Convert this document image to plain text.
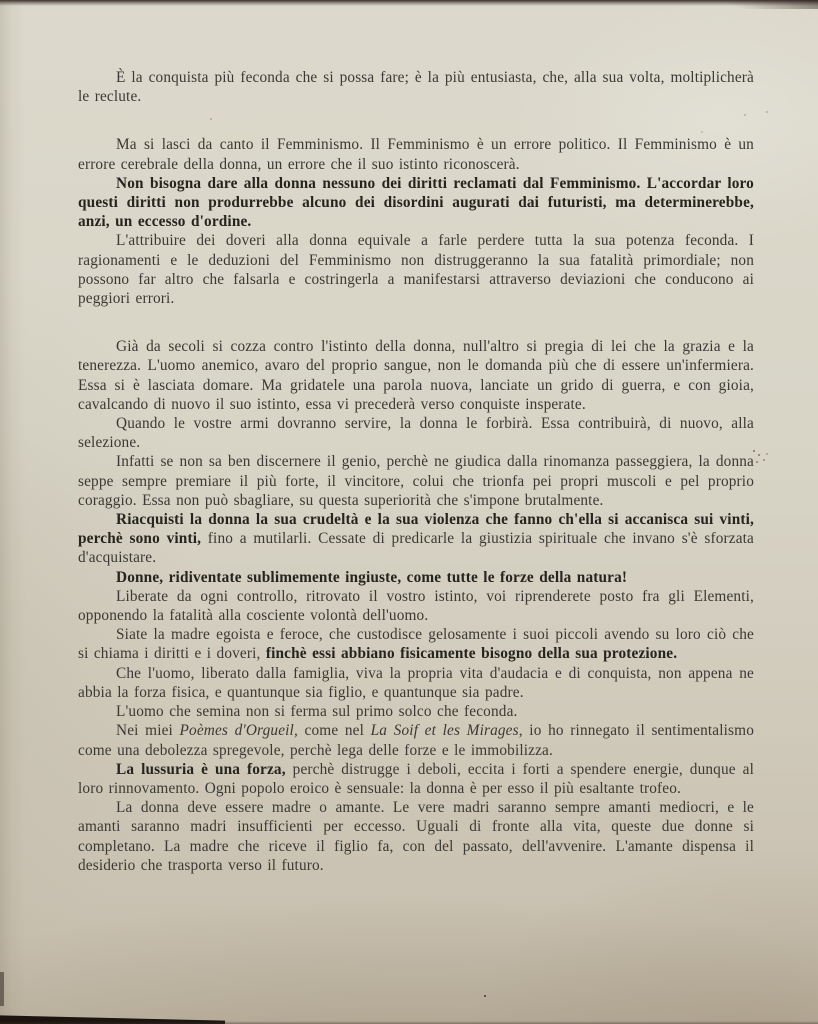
È la conquista più feconda che si possa fare; è la più entusiasta, che, alla sua volta, moltiplicherà le reclute.

Ma si lasci da canto il Femminismo. Il Femminismo è un errore politico. Il Femminismo è un errore cerebrale della donna, un errore che il suo istinto riconoscerà.

Non bisogna dare alla donna nessuno dei diritti reclamati dal Femminismo. L'accordar loro questi diritti non produrrebbe alcuno dei disordini augurati dai futuristi, ma determinerebbe, anzi, un eccesso d'ordine.

L'attribuire dei doveri alla donna equivale a farle perdere tutta la sua potenza feconda. I ragionamenti e le deduzioni del Femminismo non distruggeranno la sua fatalità primordiale; non possono far altro che falsarla e costringerla a manifestarsi attraverso deviazioni che conducono ai peggiori errori.

Già da secoli si cozza contro l'istinto della donna, null'altro si pregia di lei che la grazia e la tenerezza. L'uomo anemico, avaro del proprio sangue, non le domanda più che di essere un'infermiera. Essa si è lasciata domare. Ma gridatele una parola nuova, lanciate un grido di guerra, e con gioia, cavalcando di nuovo il suo istinto, essa vi precederà verso conquiste insperate.

Quando le vostre armi dovranno servire, la donna le forbirà. Essa contribuirà, di nuovo, alla selezione.

Infatti se non sa ben discernere il genio, perchè ne giudica dalla rinomanza passeggiera, la donna seppe sempre premiare il più forte, il vincitore, colui che trionfa pei propri muscoli e pel proprio coraggio. Essa non può sbagliare, su questa superiorità che s'impone brutalmente.

Riacquisti la donna la sua crudeltà e la sua violenza che fanno ch'ella si accanisca sui vinti, perchè sono vinti, fino a mutilarli. Cessate di predicarle la giustizia spirituale che invano s'è sforzata d'acquistare.

Donne, ridiventate sublimemente ingiuste, come tutte le forze della natura!

Liberate da ogni controllo, ritrovato il vostro istinto, voi riprenderete posto fra gli Elementi, opponendo la fatalità alla cosciente volontà dell'uomo.

Siate la madre egoista e feroce, che custodisce gelosamente i suoi piccoli avendo su loro ciò che si chiama i diritti e i doveri, finchè essi abbiano fisicamente bisogno della sua protezione.

Che l'uomo, liberato dalla famiglia, viva la propria vita d'audacia e di conquista, non appena ne abbia la forza fisica, e quantunque sia figlio, e quantunque sia padre.

L'uomo che semina non si ferma sul primo solco che feconda.

Nei miei Poèmes d'Orgueil, come nel La Soif et les Mirages, io ho rinnegato il sentimentalismo come una debolezza spregevole, perchè lega delle forze e le immobilizza.

La lussuria è una forza, perchè distrugge i deboli, eccita i forti a spendere energie, dunque al loro rinnovamento. Ogni popolo eroico è sensuale: la donna è per esso il più esaltante trofeo.

La donna deve essere madre o amante. Le vere madri saranno sempre amanti mediocri, e le amanti saranno madri insufficienti per eccesso. Uguali di fronte alla vita, queste due donne si completano. La madre che riceve il figlio fa, con del passato, dell'avvenire. L'amante dispensa il desiderio che trasporta verso il futuro.
